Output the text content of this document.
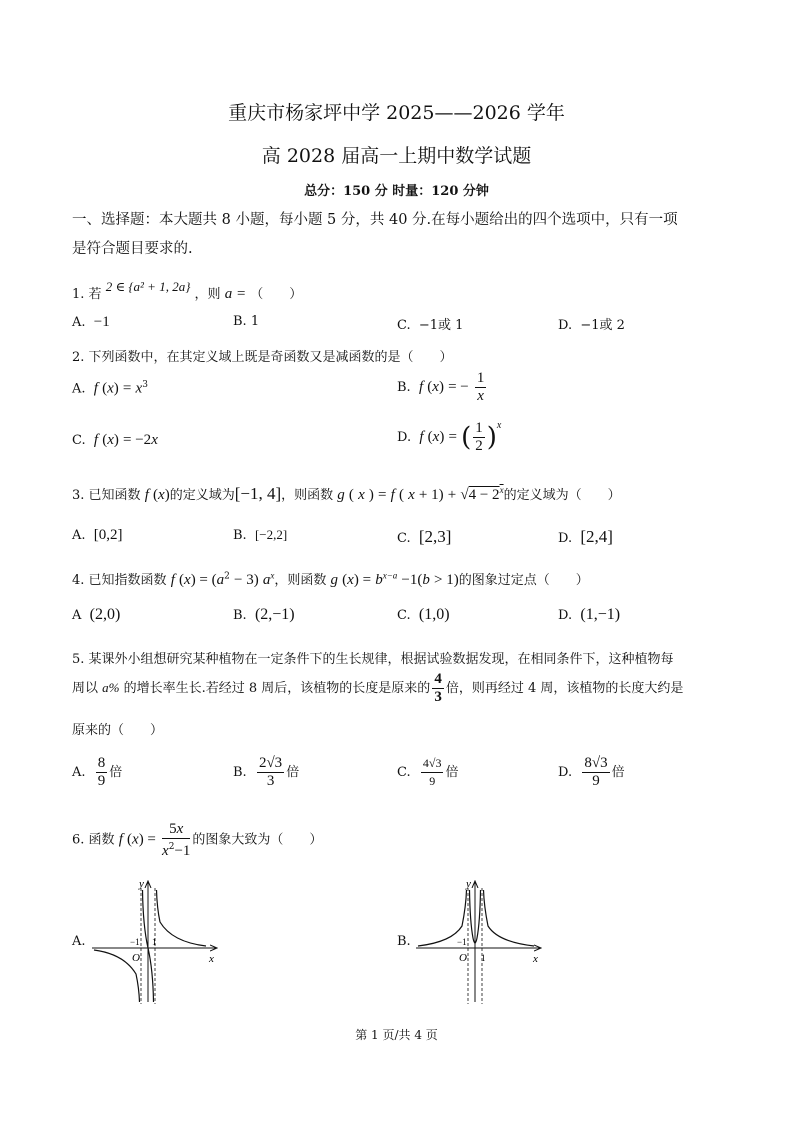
重庆市杨家坪中学 2025——2026 学年
高 2028 届高一上期中数学试题
总分：150 分 时量：120 分钟
一、选择题：本大题共 8 小题，每小题 5 分，共 40 分.在每小题给出的四个选项中，只有一项
是符合题目要求的.
1. 若 2 ∈ {a² + 1, 2a} ，则 a = （　　）
A. −1	B. 1	C. −1或 1	D. −1或 2
2. 下列函数中，在其定义域上既是奇函数又是减函数的是（　　）
A. f $(x) = x^3$	B. f (x) = − $\frac{1}{x}$
C. f (x) = −2x	D. f (x) = ( $\frac{1}{2} )^x$
3. 已知函数 f (x)的定义域为[−1, 4]，则函数 g ( x ) = f ( $x + 1) + √4 - 2^x$的定义域为（　　）
A. [0,2]	B. [−2,2]	C. [2,3]	D. [2,4]
4. 已知指数函数 f $(x) = (a^2 - 3)$ $a^x$，则函数 g $(x) = b^{x-a} -1(b > 1)$的图象过定点（　　）
A (2,0)	B. (2,−1)	C. (1,0)	D. (1,−1)
5. 某课外小组想研究某种植物在一定条件下的生长规律，根据试验数据发现，在相同条件下，这种植物每
周以 a% 的增长率生长.若经过 8 周后，该植物的长度是原来的 $\frac{4}{3}$ 倍，则再经过 4 周，该植物的长度大约是
原来的（　　）
A. $\frac{8}{9}$ 倍	B. $\frac{2√3}{3}$ 倍	C. $\frac{4√3}{9}$ 倍	D. $\frac{8√3}{9}$ 倍
6. 函数 f $(x) = \frac{5x}{x^2-1}$ 的图象大致为（　　）
A.
y
x
O
−1 1	B.
y
x
O
−1
1
第 1 页/共 4 页
